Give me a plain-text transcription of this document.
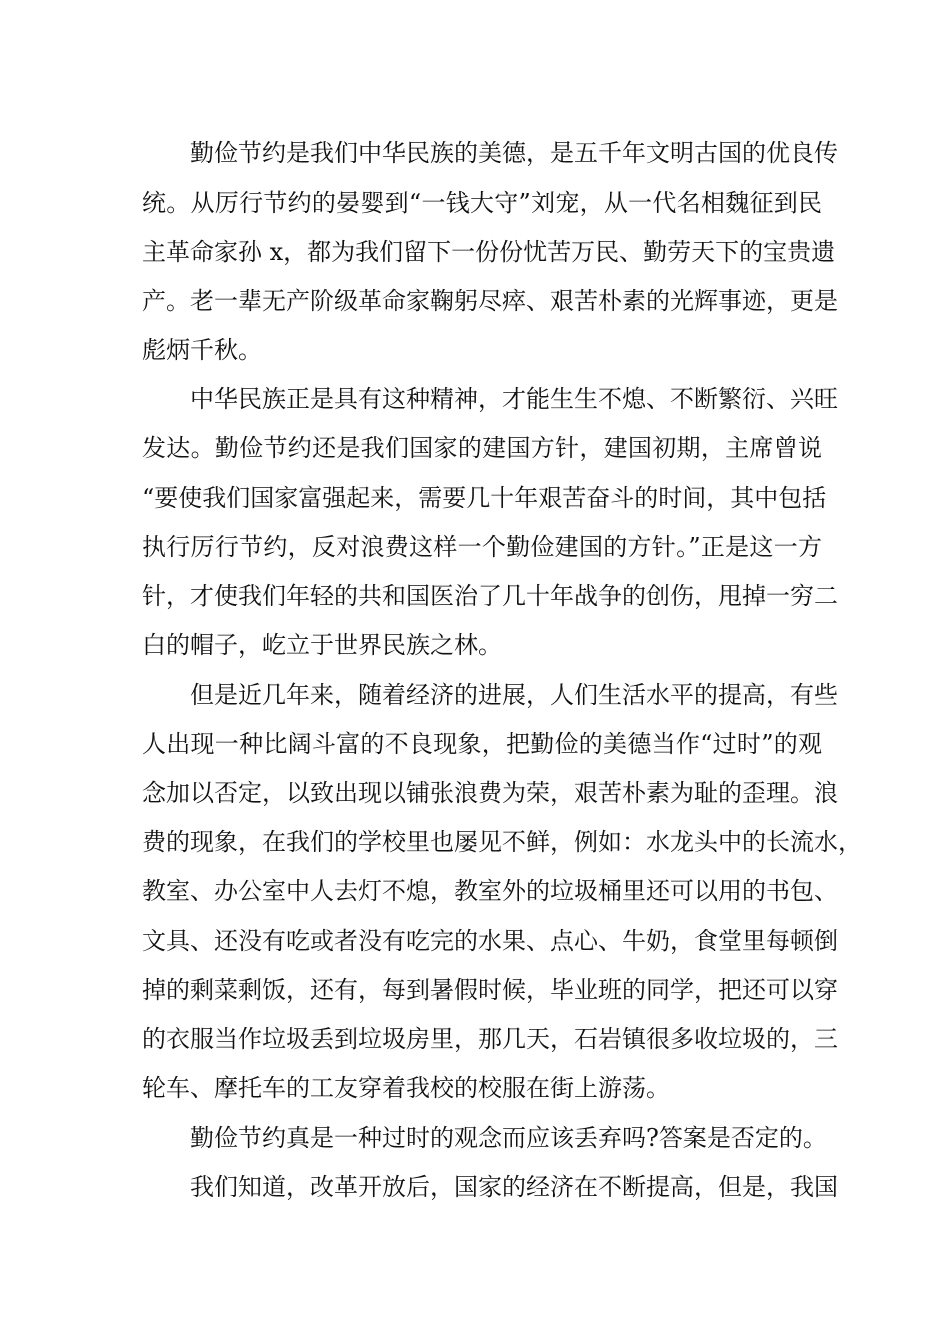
勤俭节约是我们中华民族的美德，是五千年文明古国的优良传
统。从厉行节约的晏婴到“一钱大守”刘宠，从一代名相魏征到民
主革命家孙 x，都为我们留下一份份忧苦万民、勤劳天下的宝贵遗
产。老一辈无产阶级革命家鞠躬尽瘁、艰苦朴素的光辉事迹，更是
彪炳千秋。
中华民族正是具有这种精神，才能生生不熄、不断繁衍、兴旺
发达。勤俭节约还是我们国家的建国方针，建国初期，主席曾说
“要使我们国家富强起来，需要几十年艰苦奋斗的时间，其中包括
执行厉行节约，反对浪费这样一个勤俭建国的方针。”正是这一方
针，才使我们年轻的共和国医治了几十年战争的创伤，甩掉一穷二
白的帽子，屹立于世界民族之林。
但是近几年来，随着经济的进展，人们生活水平的提高，有些
人出现一种比阔斗富的不良现象，把勤俭的美德当作“过时”的观
念加以否定，以致出现以铺张浪费为荣，艰苦朴素为耻的歪理。浪
费的现象，在我们的学校里也屡见不鲜，例如：水龙头中的长流水，
教室、办公室中人去灯不熄，教室外的垃圾桶里还可以用的书包、
文具、还没有吃或者没有吃完的水果、点心、牛奶，食堂里每顿倒
掉的剩菜剩饭，还有，每到暑假时候，毕业班的同学，把还可以穿
的衣服当作垃圾丢到垃圾房里，那几天，石岩镇很多收垃圾的，三
轮车、摩托车的工友穿着我校的校服在街上游荡。
勤俭节约真是一种过时的观念而应该丢弃吗?答案是否定的。
我们知道，改革开放后，国家的经济在不断提高，但是，我国
